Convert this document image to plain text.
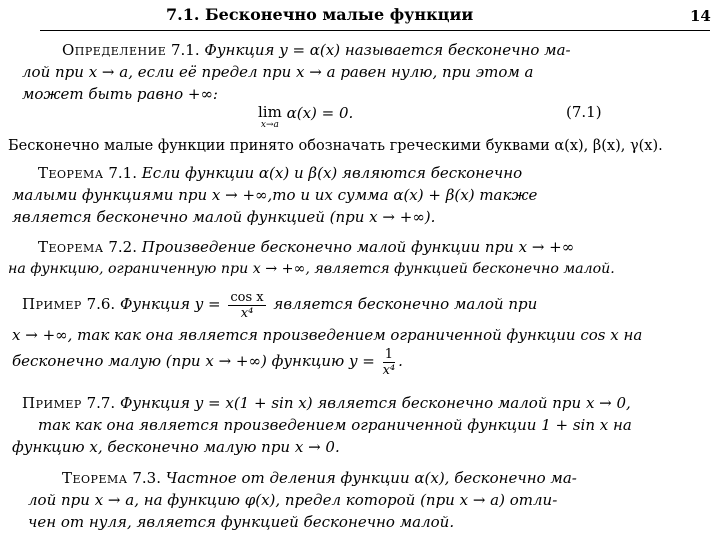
7.1. Бесконечно малые функции	14
Определение 7.1. Функция y = α(x) называется бесконечно ма-
лой при x → a, если её предел при x → a равен нулю, при этом a
может быть равно +∞:
lim
x→a
α(x) = 0.	(7.1)
Бесконечно малые функции принято обозначать греческими буквами α(x), β(x), γ(x).
Теорема 7.1. Если функции α(x) и β(x) являются бесконечно
малыми функциями при x → +∞,то и их сумма α(x) + β(x) также
является бесконечно малой функцией (при x → +∞).
Теорема 7.2. Произведение бесконечно малой функции при x → +∞
на функцию, ограниченную при x → +∞, является функцией бесконечно малой.
Пример 7.6. Функция $y = \frac{\text{cos x}}{\text{x⁴}}$ является бесконечно малой при
x → +∞, так как она является произведением ограниченной функции cos x на
бесконечно малую (при x → +∞) функцию $y = \frac{1}{\text{x⁴}}$ .
Пример 7.7. Функция y = x(1 + sin x) является бесконечно малой при x → 0,
так как она является произведением ограниченной функции 1 + sin x на
функцию x, бесконечно малую при x → 0.
Теорема 7.3. Частное от деления функции α(x), бесконечно ма-
лой при x → a, на функцию φ(x), предел которой (при x → a) отли-
чен от нуля, является функцией бесконечно малой.
